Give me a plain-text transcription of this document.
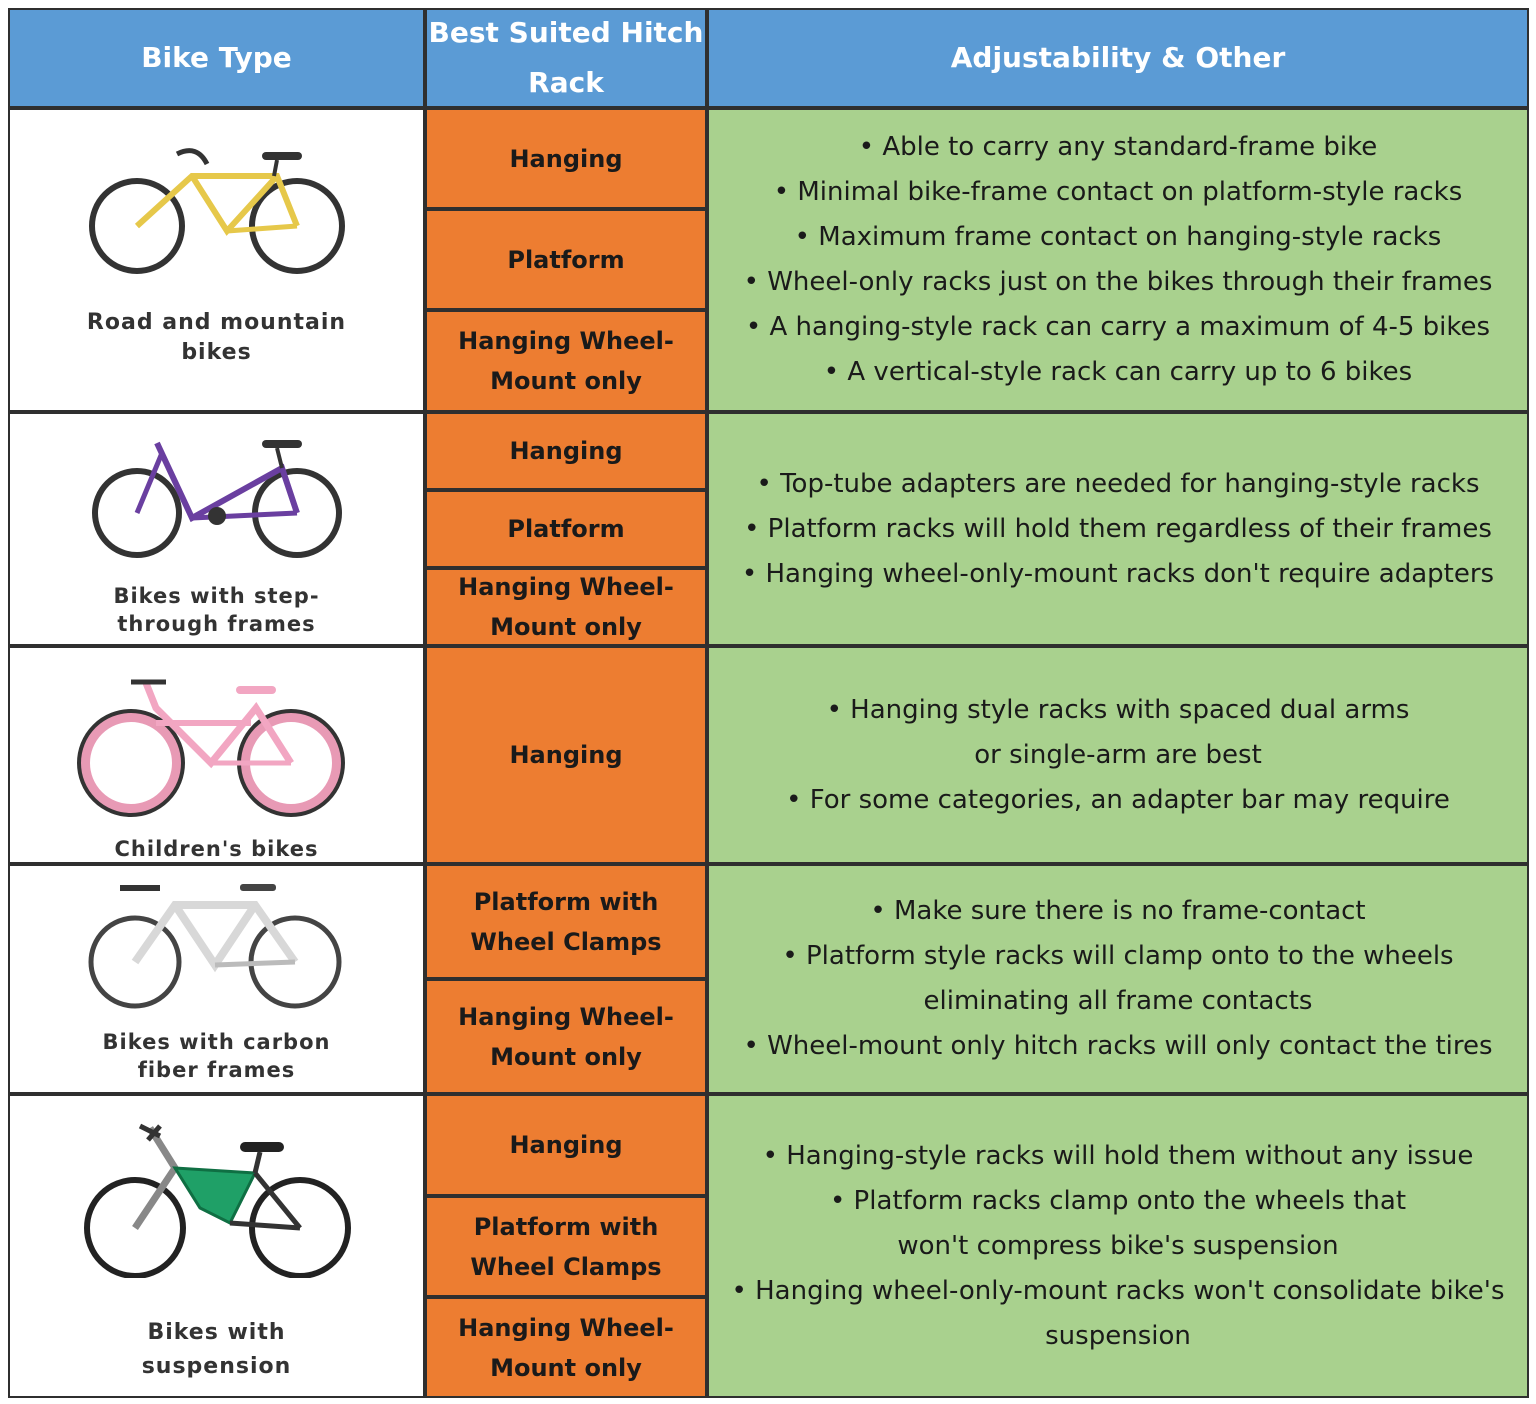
Bike Type
Best Suited Hitch
Rack
Adjustability & Other
Road and mountain
bikes
Hanging
Platform
Hanging Wheel-
Mount only
• Able to carry any standard-frame bike
• Minimal bike-frame contact on platform-style racks
• Maximum frame contact on hanging-style racks
• Wheel-only racks just on the bikes through their frames
• A hanging-style rack can carry a maximum of 4-5 bikes
• A vertical-style rack can carry up to 6 bikes
Bikes with step-
through frames
Hanging
Platform
Hanging Wheel-
Mount only
• Top-tube adapters are needed for hanging-style racks
• Platform racks will hold them regardless of their frames
• Hanging wheel-only-mount racks don't require adapters
Children's bikes
Hanging
• Hanging style racks with spaced dual arms
or single-arm are best
• For some categories, an adapter bar may require
Bikes with carbon
fiber frames
Platform with
Wheel Clamps
Hanging Wheel-
Mount only
• Make sure there is no frame-contact
• Platform style racks will clamp onto to the wheels
eliminating all frame contacts
• Wheel-mount only hitch racks will only contact the tires
Bikes with
suspension
Hanging
Platform with
Wheel Clamps
Hanging Wheel-
Mount only
• Hanging-style racks will hold them without any issue
• Platform racks clamp onto the wheels that
won't compress bike's suspension
• Hanging wheel-only-mount racks won't consolidate bike's
suspension
